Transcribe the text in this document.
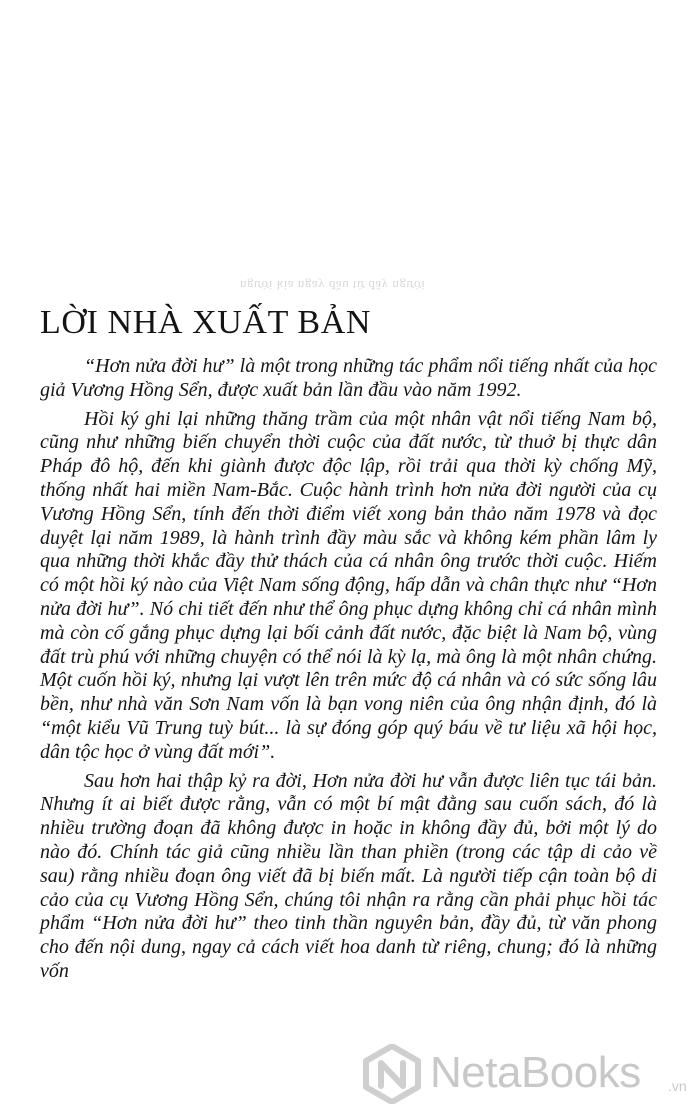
người kia ngay đầu từ đây người
LỜI NHÀ XUẤT BẢN

“Hơn nửa đời hư” là một trong những tác phẩm nổi tiếng nhất của học giả Vương Hồng Sển, được xuất bản lần đầu vào năm 1992.

Hồi ký ghi lại những thăng trầm của một nhân vật nổi tiếng Nam bộ, cũng như những biến chuyển thời cuộc của đất nước, từ thuở bị thực dân Pháp đô hộ, đến khi giành được độc lập, rồi trải qua thời kỳ chống Mỹ, thống nhất hai miền Nam-Bắc. Cuộc hành trình hơn nửa đời người của cụ Vương Hồng Sển, tính đến thời điểm viết xong bản thảo năm 1978 và đọc duyệt lại năm 1989, là hành trình đầy màu sắc và không kém phần lâm ly qua những thời khắc đầy thử thách của cá nhân ông trước thời cuộc. Hiếm có một hồi ký nào của Việt Nam sống động, hấp dẫn và chân thực như “Hơn nửa đời hư”. Nó chi tiết đến như thể ông phục dựng không chỉ cá nhân mình mà còn cố gắng phục dựng lại bối cảnh đất nước, đặc biệt là Nam bộ, vùng đất trù phú với những chuyện có thể nói là kỳ lạ, mà ông là một nhân chứng. Một cuốn hồi ký, nhưng lại vượt lên trên mức độ cá nhân và có sức sống lâu bền, như nhà văn Sơn Nam vốn là bạn vong niên của ông nhận định, đó là “một kiểu Vũ Trung tuỳ bút... là sự đóng góp quý báu về tư liệu xã hội học, dân tộc học ở vùng đất mới”.

Sau hơn hai thập kỷ ra đời, Hơn nửa đời hư vẫn được liên tục tái bản. Nhưng ít ai biết được rằng, vẫn có một bí mật đằng sau cuốn sách, đó là nhiều trường đoạn đã không được in hoặc in không đầy đủ, bởi một lý do nào đó. Chính tác giả cũng nhiều lần than phiền (trong các tập di cảo về sau) rằng nhiều đoạn ông viết đã bị biến mất. Là người tiếp cận toàn bộ di cảo của cụ Vương Hồng Sển, chúng tôi nhận ra rằng cần phải phục hồi tác phẩm “Hơn nửa đời hư” theo tinh thần nguyên bản, đầy đủ, từ văn phong cho đến nội dung, ngay cả cách viết hoa danh từ riêng, chung; đó là những vốn

NetaBooks .vn
